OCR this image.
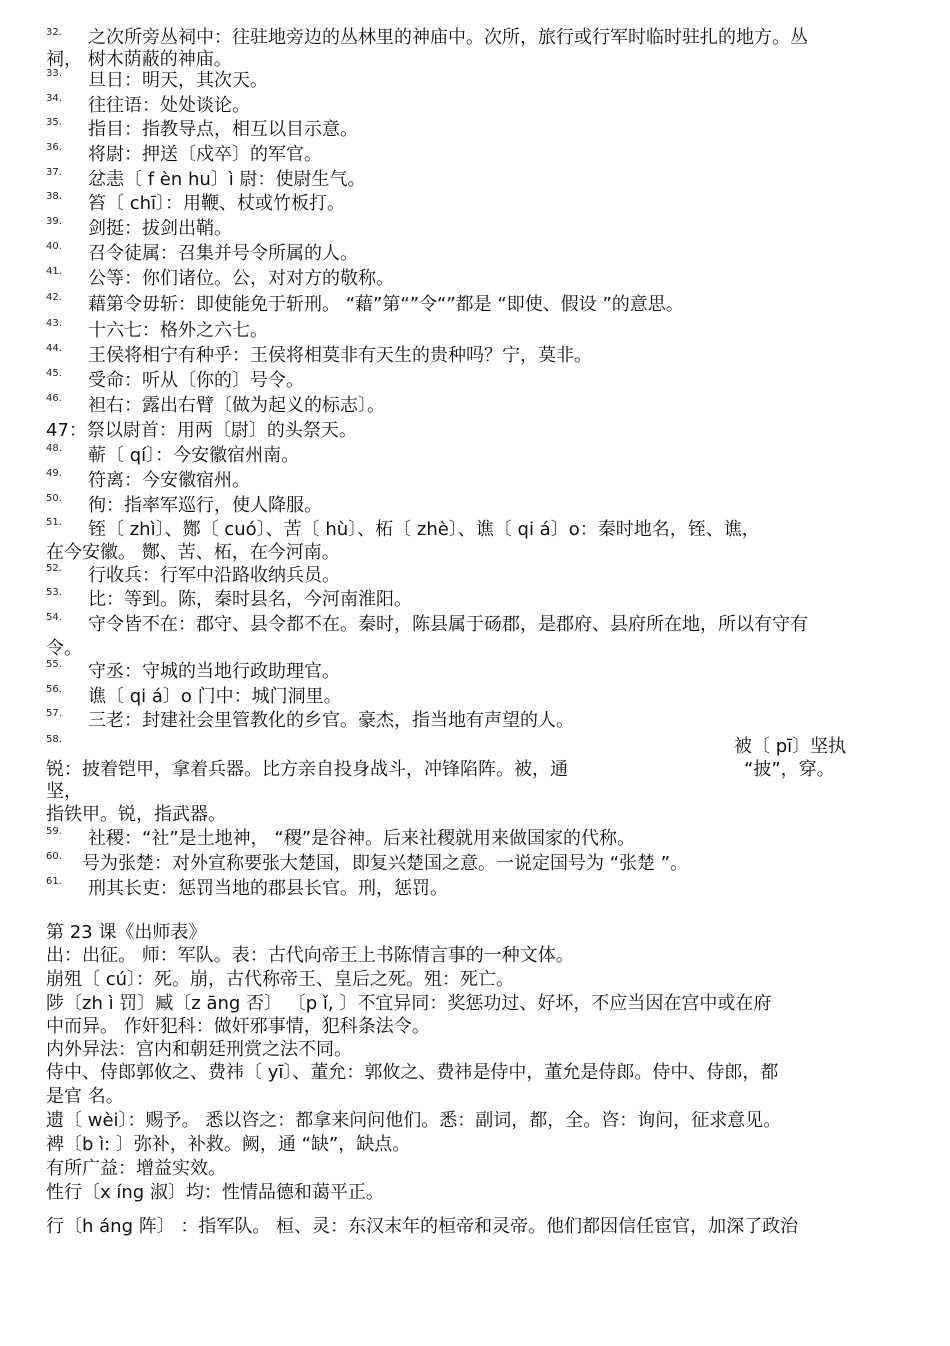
32. 之次所旁丛祠中：往驻地旁边的丛林里的神庙中。次所，旅行或行军时临时驻扎的地方。丛
祠， 树木荫蔽的神庙。
33. 旦日：明天，其次天。
34. 往往语：处处谈论。
35. 指目：指教导点，相互以目示意。
36. 将尉：押送〔戍卒〕的军官。
37. 忿恚〔 f èn hu〕ì 尉：使尉生气。
38. 笞〔 chī〕：用鞭、杖或竹板打。
39. 剑挺：拔剑出鞘。
40. 召令徒属：召集并号令所属的人。
41. 公等：你们诸位。公，对对方的敬称。
42. 藉第令毋斩：即使能免于斩刑。 “藉”第“”令“”都是 “即使、假设 ”的意思。
43. 十六七：格外之六七。
44. 王侯将相宁有种乎：王侯将相莫非有天生的贵种吗？宁，莫非。
45. 受命：听从〔你的〕号令。
46. 袒右：露出右臂〔做为起义的标志〕。
47：祭以尉首：用两〔尉〕的头祭天。
48. 蕲〔 qí〕：今安徽宿州南。
49. 符离：今安徽宿州。
50. 徇：指率军巡行，使人降服。
51. 铚〔 zhì〕、酂〔 cuó〕、苦〔 hù〕、柘〔 zhè〕、谯〔 qi á〕o：秦时地名，铚、谯，
在今安徽。 酂、苦、柘，在今河南。
52. 行收兵：行军中沿路收纳兵员。
53. 比：等到。陈，秦时县名，今河南淮阳。
54. 守令皆不在：郡守、县令都不在。秦时，陈县属于砀郡，是郡府、县府所在地，所以有守有
令。
55. 守丞：守城的当地行政助理官。
56. 谯〔 qi á〕o 门中：城门洞里。
57. 三老：封建社会里管教化的乡官。豪杰，指当地有声望的人。
58.	被〔 pī〕坚执
锐：披着铠甲，拿着兵器。比方亲自投身战斗，冲锋陷阵。被，通	“披”，穿。
坚，
指铁甲。锐，指武器。
59. 社稷：“社”是土地神， “稷”是谷神。后来社稷就用来做国家的代称。
60. 号为张楚：对外宣称要张大楚国，即复兴楚国之意。一说定国号为 “张楚 ”。
61. 刑其长吏：惩罚当地的郡县长官。刑，惩罚。
第 23 课《出师表》
出：出征。 师：军队。表：古代向帝王上书陈情言事的一种文体。
崩殂〔 cú〕：死。崩，古代称帝王、皇后之死。殂：死亡。
陟〔zh ì 罚〕臧〔z āng 否〕 〔p ǐ, 〕不宜异同：奖惩功过、好坏，不应当因在宫中或在府
中而异。 作奸犯科：做奸邪事情，犯科条法令。
内外异法：宫内和朝廷刑赏之法不同。
侍中、侍郎郭攸之、费祎〔 yī〕、董允：郭攸之、费祎是侍中，董允是侍郎。侍中、侍郎，都
是官 名。
遗〔 wèi〕：赐予。 悉以咨之：都拿来问问他们。悉：副词，都，全。咨：询问，征求意见。
裨〔b ì: 〕弥补，补救。阙，通 “缺”，缺点。
有所广益：增益实效。
性行〔x íng 淑〕均：性情品德和蔼平正。
行〔h áng 阵〕 ：指军队。 桓、灵：东汉末年的桓帝和灵帝。他们都因信任宦官，加深了政治
